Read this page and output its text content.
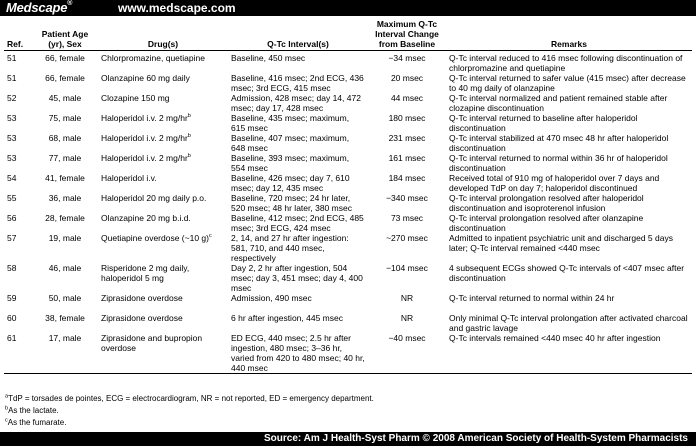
Medscape®	www.medscape.com
Ref.	Patient Age (yr), Sex	Drug(s)	Q-Tc Interval(s)	Maximum Q-Tc Interval Change from Baseline	Remarks
51	66, female	Chlorpromazine, quetiapine	Baseline, 450 msec	−34 msec	Q-Tc interval reduced to 416 msec following discontinuation of chlorpromazine and quetiapine
51	66, female	Olanzapine 60 mg daily	Baseline, 416 msec; 2nd ECG, 436 msec; 3rd ECG, 415 msec	20 msec	Q-Tc interval returned to safer value (415 msec) after decrease to 40 mg daily of olanzapine
52	45, male	Clozapine 150 mg	Admission, 428 msec; day 14, 472 msec; day 17, 428 msec	44 msec	Q-Tc interval normalized and patient remained stable after clozapine discontinuation
53	75, male	Haloperidol i.v. 2 $mg/hr^b$	Baseline, 435 msec; maximum, 615 msec	180 msec	Q-Tc interval returned to baseline after haloperidol discontinuation
53	68, male	Haloperidol i.v. 2 $mg/hr^b$	Baseline, 407 msec; maximum, 648 msec	231 msec	Q-Tc interval stabilized at 470 msec 48 hr after haloperidol discontinuation
53	77, male	Haloperidol i.v. 2 $mg/hr^b$	Baseline, 393 msec; maximum, 554 msec	161 msec	Q-Tc interval returned to normal within 36 hr of haloperidol discontinuation
54	41, female	Haloperidol i.v.	Baseline, 426 msec; day 7, 610 msec; day 12, 435 msec	184 msec	Received total of 910 mg of haloperidol over 7 days and developed TdP on day 7; haloperidol discontinued
55	36, male	Haloperidol 20 mg daily p.o.	Baseline, 720 msec; 24 hr later, 520 msec; 48 hr later, 380 msec	−340 msec	Q-Tc interval prolongation resolved after haloperidol discontinuation and isoproterenol infusion
56	28, female	Olanzapine 20 mg b.i.d.	Baseline, 412 msec; 2nd ECG, 485 msec; 3rd ECG, 424 msec	73 msec	Q-Tc interval prolongation resolved after olanzapine discontinuation
57	19, male	Quetiapine overdose (~10 g)$^c$	2, 14, and 27 hr after ingestion: 581, 710, and 440 msec, respectively	~270 msec	Admitted to inpatient psychiatric unit and discharged 5 days later; Q-Tc interval remained <440 msec
58	46, male	Risperidone 2 mg daily, haloperidol 5 mg	Day 2, 2 hr after ingestion, 504 msec; day 3, 451 msec; day 4, 400 msec	−104 msec	4 subsequent ECGs showed Q-Tc intervals of <407 msec after discontinuation
59	50, male	Ziprasidone overdose	Admission, 490 msec	NR	Q-Tc interval returned to normal within 24 hr
60	38, female	Ziprasidone overdose	6 hr after ingestion, 445 msec	NR	Only minimal Q-Tc interval prolongation after activated charcoal and gastric lavage
61	17, male	Ziprasidone and bupropion overdose	ED ECG, 440 msec; 2.5 hr after ingestion, 480 msec; 3–36 hr, varied from 420 to 480 msec; 40 hr, 440 msec	−40 msec	Q-Tc intervals remained <440 msec 40 hr after ingestion
$^a$TdP = torsades de pointes, ECG = electrocardiogram, NR = not reported, ED = emergency department.
$^b$As the lactate.
$^c$As the fumarate.
Source: Am J Health-Syst Pharm © 2008 American Society of Health-System Pharmacists
